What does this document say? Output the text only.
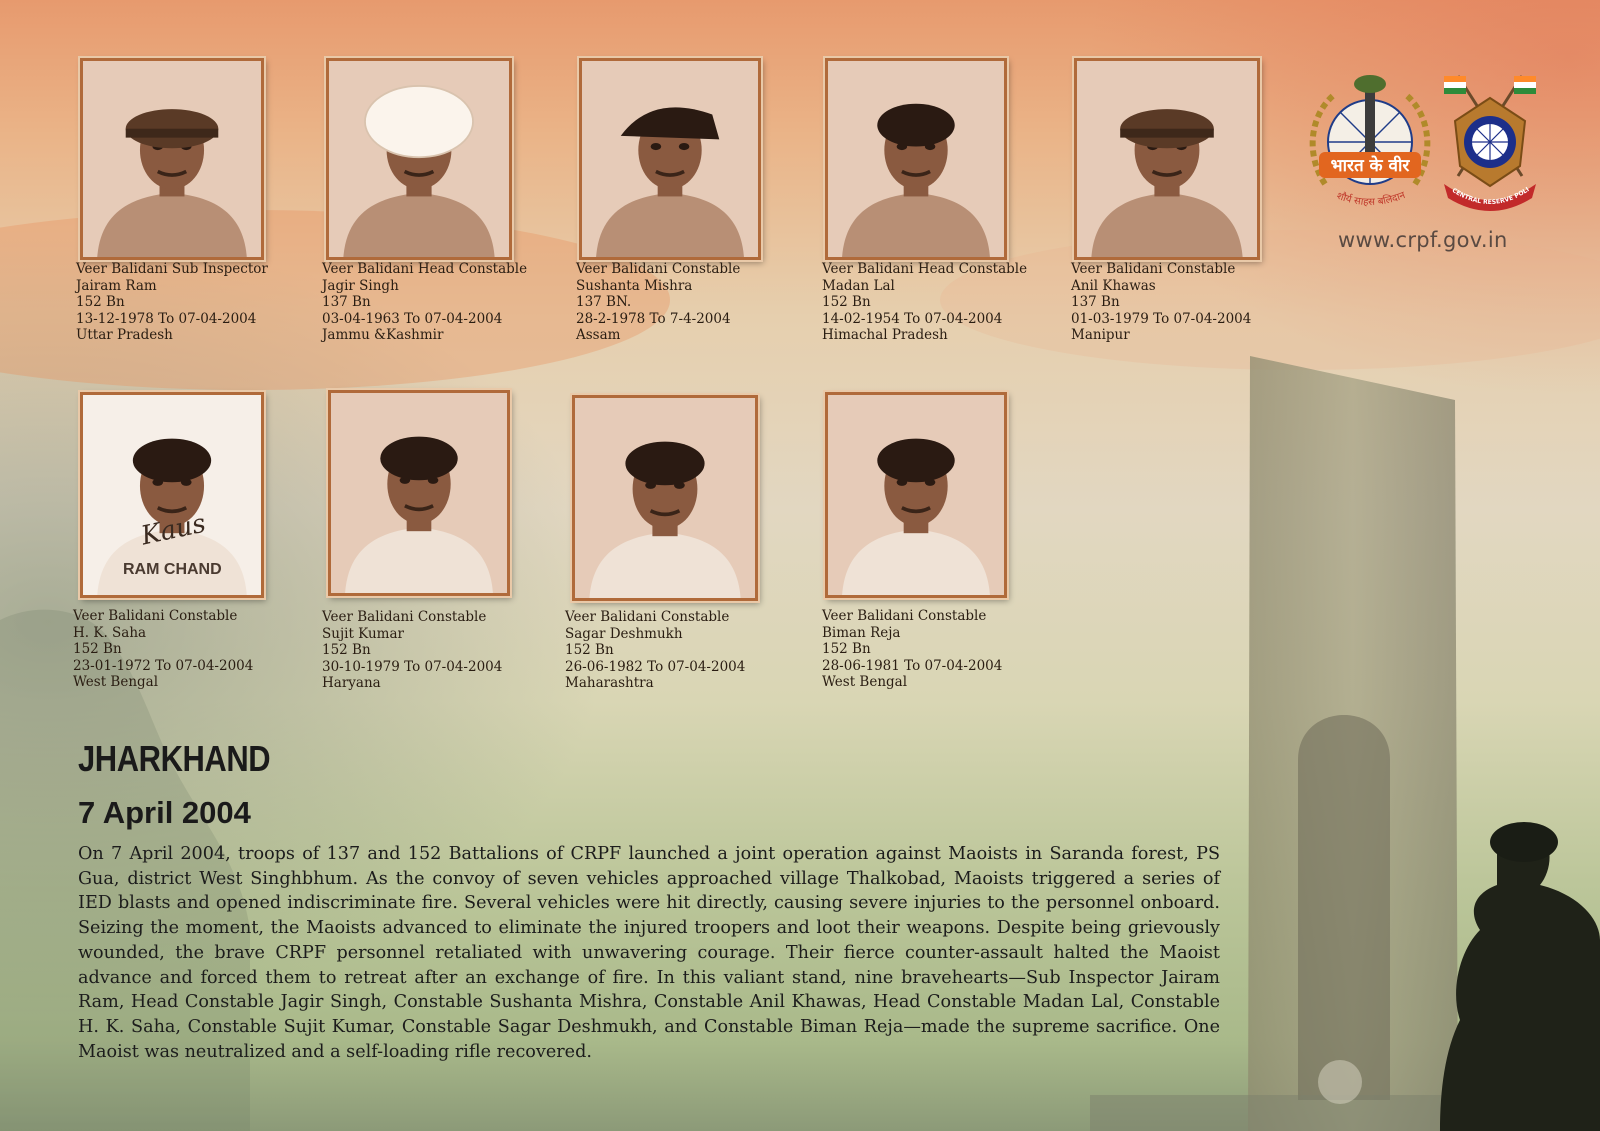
भारत के वीर
शौर्य साहस बलिदान	CENTRAL RESERVE POLI
www.crpf.gov.in
Veer Balidani Sub Inspector
Jairam Ram
152 Bn
13-12-1978 To 07-04-2004
Uttar Pradesh
Veer Balidani Head Constable
Jagir Singh
137 Bn
03-04-1963 To 07-04-2004
Jammu &Kashmir
Veer Balidani Constable
Sushanta Mishra
137 BN.
28-2-1978 To 7-4-2004
Assam
Veer Balidani Head Constable
Madan Lal
152 Bn
14-02-1954 To 07-04-2004
Himachal Pradesh
Veer Balidani Constable
Anil Khawas
137 Bn
01-03-1979 To 07-04-2004
Manipur
Kaus
RAM CHAND
Veer Balidani Constable
H. K. Saha
152 Bn
23-01-1972 To 07-04-2004
West Bengal
Veer Balidani Constable
Sujit Kumar
152 Bn
30-10-1979 To 07-04-2004
Haryana
Veer Balidani Constable
Sagar Deshmukh
152 Bn
26-06-1982 To 07-04-2004
Maharashtra
Veer Balidani Constable
Biman Reja
152 Bn
28-06-1981 To 07-04-2004
West Bengal
JHARKHAND
7 April 2004
On 7 April 2004, troops of 137 and 152 Battalions of CRPF launched a joint operation against Maoists in Saranda forest, PS Gua, district West Singhbhum. As the convoy of seven vehicles approached village Thalkobad, Maoists triggered a series of IED blasts and opened indiscriminate fire. Several vehicles were hit directly, causing severe injuries to the personnel onboard. Seizing the moment, the Maoists advanced to eliminate the injured troopers and loot their weapons. Despite being grievously wounded, the brave CRPF personnel retaliated with unwavering courage. Their fierce counter-assault halted the Maoist advance and forced them to retreat after an exchange of fire. In this valiant stand, nine bravehearts—Sub Inspector Jairam Ram, Head Constable Jagir Singh, Constable Sushanta Mishra, Constable Anil Khawas, Head Constable Madan Lal, Constable H. K. Saha, Constable Sujit Kumar, Constable Sagar Deshmukh, and Constable Biman Reja—made the supreme sacrifice. One Maoist was neutralized and a self-loading rifle recovered.
